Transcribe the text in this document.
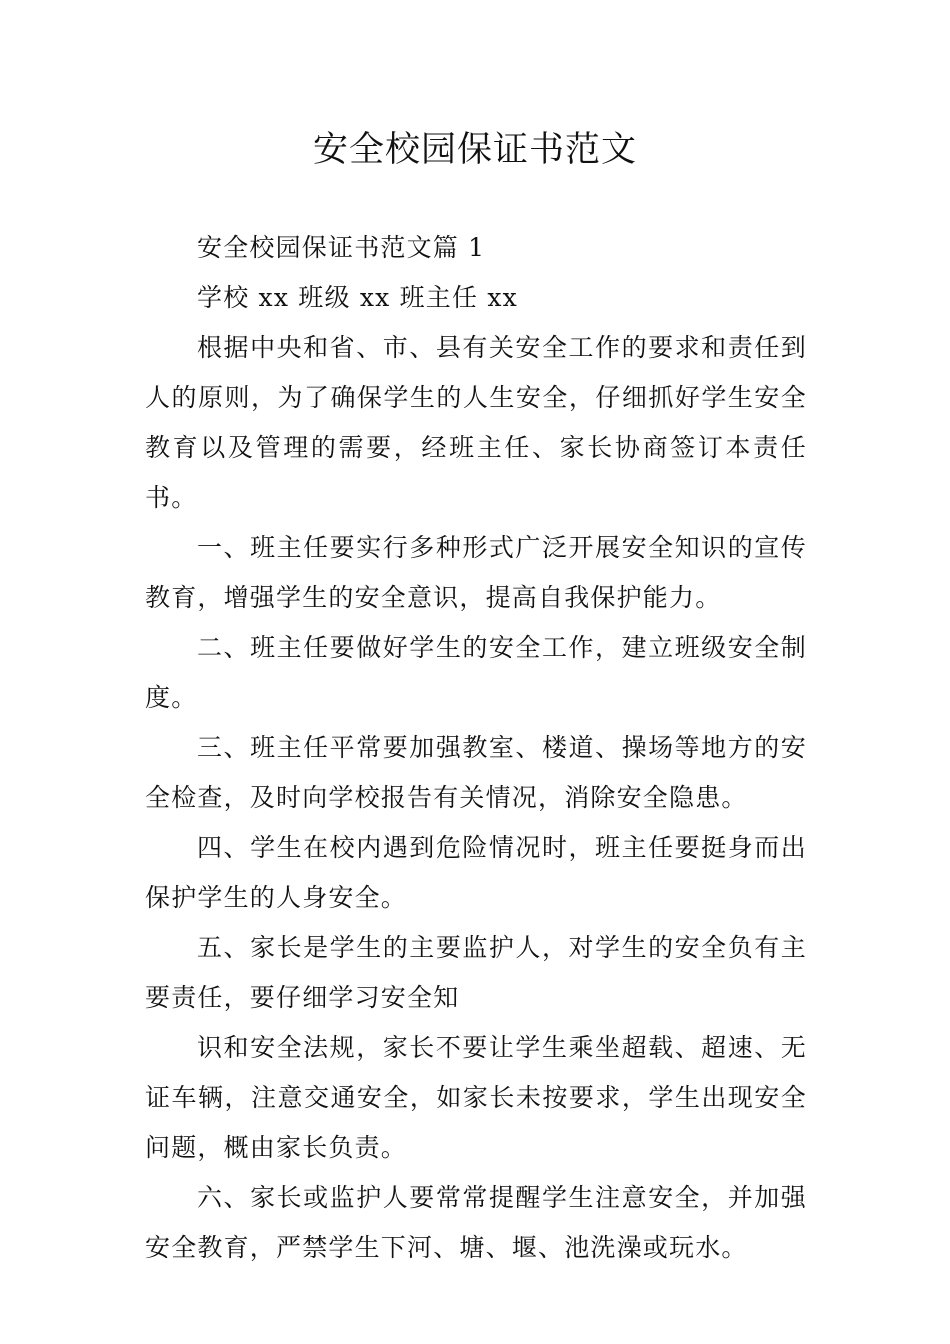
安全校园保证书范文

安全校园保证书范文篇 1

学校 xx 班级 xx 班主任 xx

根据中央和省、市、县有关安全工作的要求和责任到人的原则，为了确保学生的人生安全，仔细抓好学生安全教育以及管理的需要，经班主任、家长协商签订本责任书。

一、班主任要实行多种形式广泛开展安全知识的宣传教育，增强学生的安全意识，提高自我保护能力。

二、班主任要做好学生的安全工作，建立班级安全制度。

三、班主任平常要加强教室、楼道、操场等地方的安全检查，及时向学校报告有关情况，消除安全隐患。

四、学生在校内遇到危险情况时，班主任要挺身而出保护学生的人身安全。

五、家长是学生的主要监护人，对学生的安全负有主要责任，要仔细学习安全知

识和安全法规，家长不要让学生乘坐超载、超速、无证车辆，注意交通安全，如家长未按要求，学生出现安全问题，概由家长负责。

六、家长或监护人要常常提醒学生注意安全，并加强安全教育，严禁学生下河、塘、堰、池洗澡或玩水。
